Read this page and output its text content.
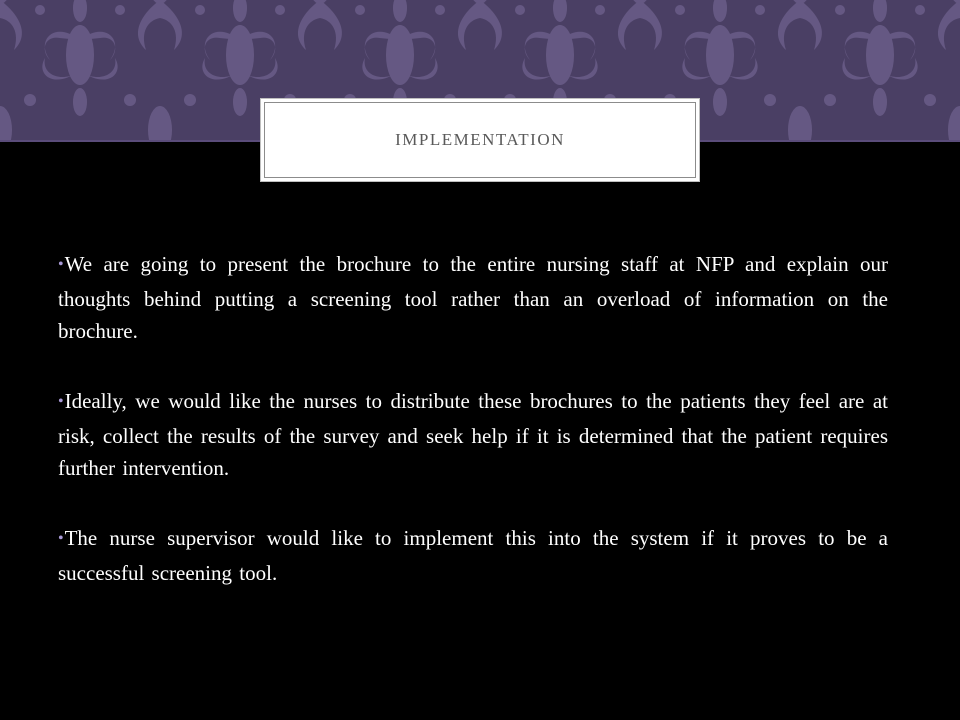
IMPLEMENTATION
•We are going to present the brochure to the entire nursing staff at NFP and explain our thoughts behind putting a screening tool rather than an overload of information on the brochure.
•Ideally, we would like the nurses to distribute these brochures to the patients they feel are at risk, collect the results of the survey and seek help if it is determined that the patient requires further intervention.
•The nurse supervisor would like to implement this into the system if it proves to be a successful screening tool.
